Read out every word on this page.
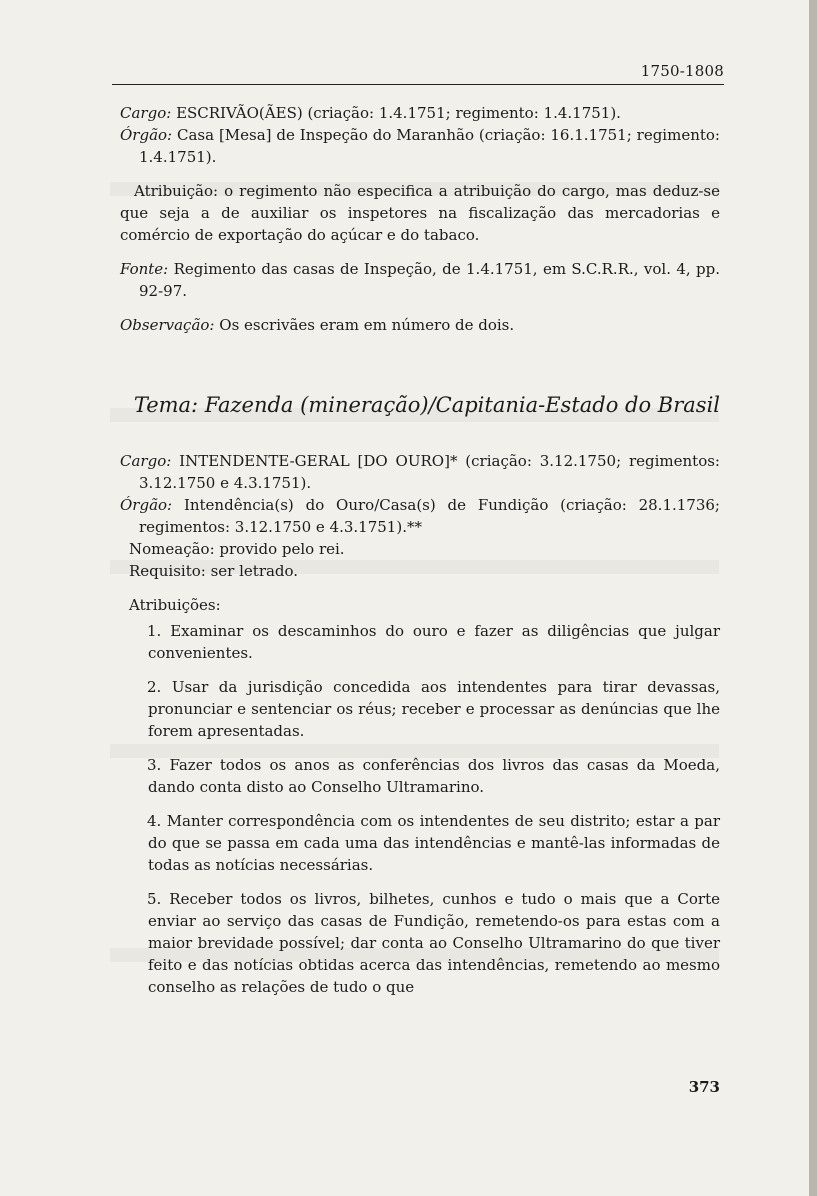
1750-1808

Cargo: ESCRIVÃO(ÃES) (criação: 1.4.1751; regimento: 1.4.1751).

Órgão: Casa [Mesa] de Inspeção do Maranhão (criação: 16.1.1751; regimento: 1.4.1751).

Atribuição: o regimento não especifica a atribuição do cargo, mas deduz-se que seja a de auxiliar os inspetores na fiscalização das mercadorias e comércio de exportação do açúcar e do tabaco.

Fonte: Regimento das casas de Inspeção, de 1.4.1751, em S.C.R.R., vol. 4, pp. 92-97.

Observação: Os escrivães eram em número de dois.

Tema: Fazenda (mineração)/Capitania-Estado do Brasil

Cargo: INTENDENTE-GERAL [DO OURO]* (criação: 3.12.1750; regimentos: 3.12.1750 e 4.3.1751).

Órgão: Intendência(s) do Ouro/Casa(s) de Fundição (criação: 28.1.1736; regimentos: 3.12.1750 e 4.3.1751).**

Nomeação: provido pelo rei.

Requisito: ser letrado.

Atribuições:

1. Examinar os descaminhos do ouro e fazer as diligências que julgar convenientes.

2. Usar da jurisdição concedida aos intendentes para tirar devassas, pronunciar e sentenciar os réus; receber e processar as denúncias que lhe forem apresentadas.

3. Fazer todos os anos as conferências dos livros das casas da Moeda, dando conta disto ao Conselho Ultramarino.

4. Manter correspondência com os intendentes de seu distrito; estar a par do que se passa em cada uma das intendências e mantê-las informadas de todas as notícias necessárias.

5. Receber todos os livros, bilhetes, cunhos e tudo o mais que a Corte enviar ao serviço das casas de Fundição, remetendo-os para estas com a maior brevidade possível; dar conta ao Conselho Ultramarino do que tiver feito e das notícias obtidas acerca das intendências, remetendo ao mesmo conselho as relações de tudo o que

373
